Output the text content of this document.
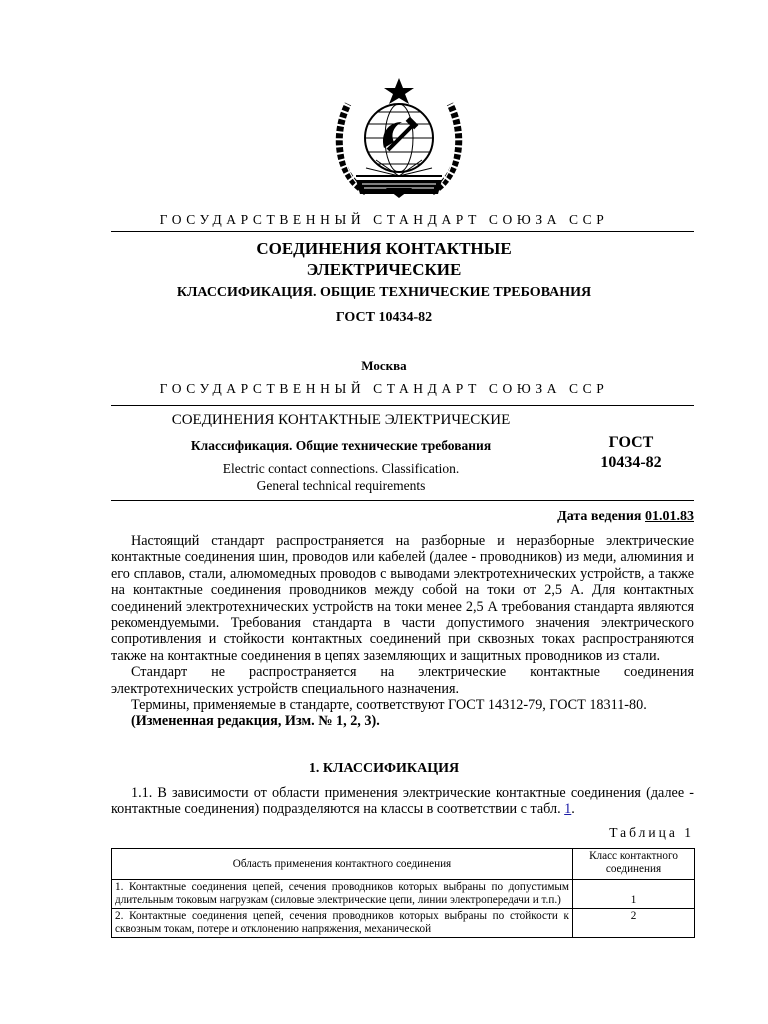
ГОСУДАРСТВЕННЫЙ СТАНДАРТ СОЮЗА ССР
СОЕДИНЕНИЯ КОНТАКТНЫЕ
ЭЛЕКТРИЧЕСКИЕ
КЛАССИФИКАЦИЯ. ОБЩИЕ ТЕХНИЧЕСКИЕ ТРЕБОВАНИЯ
ГОСТ 10434-82
Москва
ГОСУДАРСТВЕННЫЙ СТАНДАРТ СОЮЗА ССР
СОЕДИНЕНИЯ КОНТАКТНЫЕ ЭЛЕКТРИЧЕСКИЕ
Классификация. Общие технические требования
Electric contact connections. Classification.
General technical requirements
ГОСТ
10434-82
Дата ведения 01.01.83

Настоящий стандарт распространяется на разборные и неразборные электрические контактные соединения шин, проводов или кабелей (далее - проводников) из меди, алюминия и его сплавов, стали, алюмомедных проводов с выводами электротехнических устройств, а также на контактные соединения проводников между собой на токи от 2,5 А. Для контактных соединений электротехнических устройств на токи менее 2,5 А требования стандарта являются рекомендуемыми. Требования стандарта в части допустимого значения электрического сопротивления и стойкости контактных соединений при сквозных токах распространяются также на контактные соединения в цепях заземляющих и защитных проводников из стали.

Стандарт не распространяется на электрические контактные соединения электротехнических устройств специального назначения.

Термины, применяемые в стандарте, соответствуют ГОСТ 14312-79, ГОСТ 18311-80.

(Измененная редакция, Изм. № 1, 2, 3).

1. КЛАССИФИКАЦИЯ

1.1. В зависимости от области применения электрические контактные соединения (далее - контактные соединения) подразделяются на классы в соответствии с табл. 1.

Таблица 1
Область применения контактного соединения	Класс контактного соединения
1. Контактные соединения цепей, сечения проводников которых выбраны по допустимым длительным токовым нагрузкам (силовые электрические цепи, линии электропередачи и т.п.)	1
2. Контактные соединения цепей, сечения проводников которых выбраны по стойкости к сквозным токам, потере и отклонению напряжения, механической	2
